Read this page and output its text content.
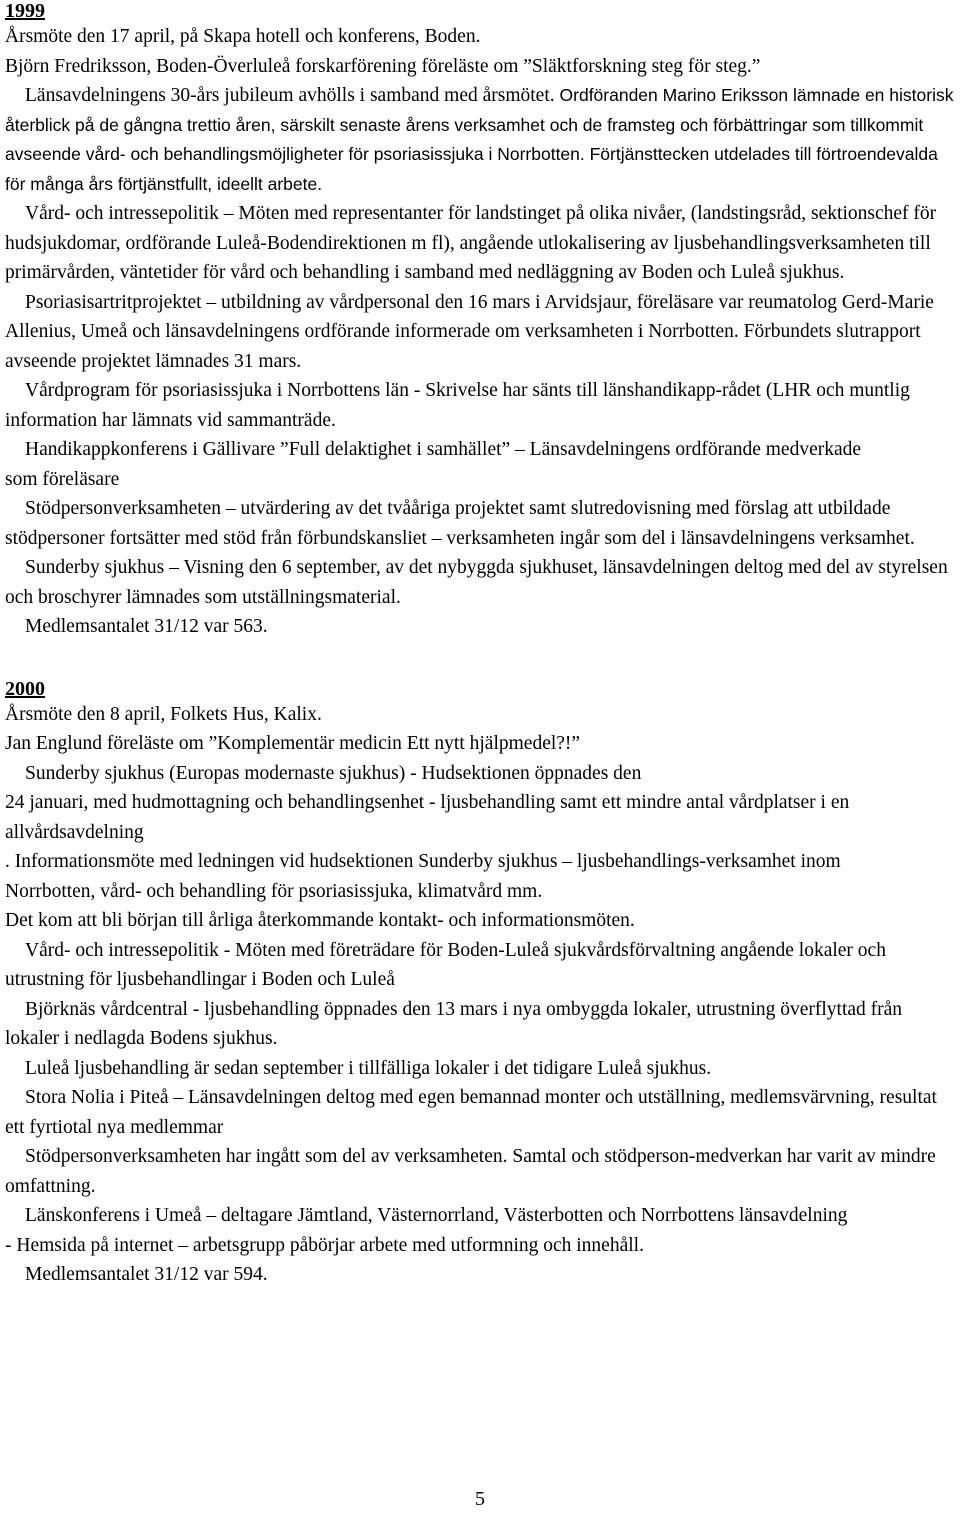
1999

Årsmöte den 17 april, på Skapa hotell och konferens, Boden.

Björn Fredriksson, Boden-Överluleå forskarförening föreläste om ”Släktforskning steg för steg.”

Länsavdelningens 30-års jubileum avhölls i samband med årsmötet. Ordföranden Marino Eriksson lämnade en historisk återblick på de gångna trettio åren, särskilt senaste årens verksamhet och de framsteg och förbättringar som tillkommit avseende vård- och behandlingsmöjligheter för psoriasissjuka i Norrbotten. Förtjänsttecken utdelades till förtroendevalda för många års förtjänstfullt, ideellt arbete.

Vård- och intressepolitik – Möten med representanter för landstinget på olika nivåer, (landstingsråd, sektionschef för hudsjukdomar, ordförande Luleå-Bodendirektionen m fl), angående utlokalisering av ljusbehandlingsverksamheten till primärvården, väntetider för vård och behandling i samband med nedläggning av Boden och Luleå sjukhus.

Psoriasisartritprojektet – utbildning av vårdpersonal den 16 mars i Arvidsjaur, föreläsare var reumatolog Gerd-Marie Allenius, Umeå och länsavdelningens ordförande informerade om verksamheten i Norrbotten. Förbundets slutrapport avseende projektet lämnades 31 mars.

Vårdprogram för psoriasissjuka i Norrbottens län - Skrivelse har sänts till länshandikapp-rådet (LHR och muntlig information har lämnats vid sammanträde.

Handikappkonferens i Gällivare ”Full delaktighet i samhället” – Länsavdelningens ordförande medverkade som föreläsare

Stödpersonverksamheten – utvärdering av det tvååriga projektet samt slutredovisning med förslag att utbildade stödpersoner fortsätter med stöd från förbundskansliet – verksamheten ingår som del i länsavdelningens verksamhet.

Sunderby sjukhus – Visning den 6 september, av det nybyggda sjukhuset, länsavdelningen deltog med del av styrelsen och broschyrer lämnades som utställningsmaterial.

Medlemsantalet 31/12 var 563.

2000

Årsmöte den 8 april, Folkets Hus, Kalix.

Jan Englund föreläste om ”Komplementär medicin Ett nytt hjälpmedel?!”

Sunderby sjukhus (Europas modernaste sjukhus) - Hudsektionen öppnades den

24 januari, med hudmottagning och behandlingsenhet - ljusbehandling samt ett mindre antal vårdplatser i en allvårdsavdelning

. Informationsmöte med ledningen vid hudsektionen Sunderby sjukhus – ljusbehandlings-verksamhet inom Norrbotten, vård- och behandling för psoriasissjuka, klimatvård mm.

Det kom att bli början till årliga återkommande kontakt- och informationsmöten.

Vård- och intressepolitik - Möten med företrädare för Boden-Luleå sjukvårdsförvaltning angående lokaler och utrustning för ljusbehandlingar i Boden och Luleå

Björknäs vårdcentral - ljusbehandling öppnades den 13 mars i nya ombyggda lokaler, utrustning överflyttad från lokaler i nedlagda Bodens sjukhus.

Luleå ljusbehandling är sedan september i tillfälliga lokaler i det tidigare Luleå sjukhus.

Stora Nolia i Piteå – Länsavdelningen deltog med egen bemannad monter och utställning, medlemsvärvning, resultat ett fyrtiotal nya medlemmar

Stödpersonverksamheten har ingått som del av verksamheten. Samtal och stödperson-medverkan har varit av mindre omfattning.

Länskonferens i Umeå – deltagare Jämtland, Västernorrland, Västerbotten och Norrbottens länsavdelning

- Hemsida på internet – arbetsgrupp påbörjar arbete med utformning och innehåll.

Medlemsantalet 31/12 var 594.

5
